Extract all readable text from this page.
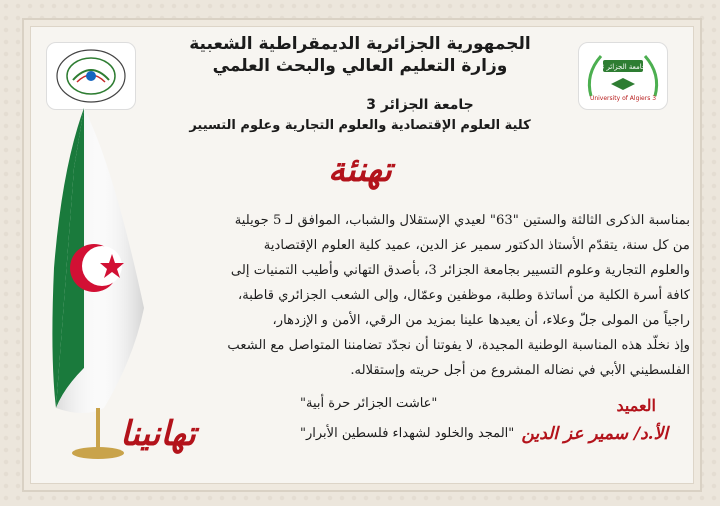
جامعة الجزائر 3
University of Algiers 3
الجمهورية الجزائرية الديمقراطية الشعبية
وزارة التعليم العالي والبحث العلمي
جامعة الجزائر 3
كلية العلوم الإقتصادية والعلوم التجارية وعلوم التسيير
تهنئة

بمناسبة الذكرى الثالثة والستين "63" لعيدي الإستقلال والشباب، الموافق لـ 5 جويلية

من كل سنة، يتقدّم الأستاذ الدكتور سمير عز الدين، عميد كلية العلوم الإقتصادية

والعلوم التجارية وعلوم التسيير بجامعة الجزائر 3، بأصدق التهاني وأطيب التمنيات إلى

كافة أسرة الكلية من أساتذة وطلبة، موظفين وعمّال، وإلى الشعب الجزائري قاطبة،

راجياً من المولى جلّ وعلاء، أن يعيدها علينا بمزيد من الرقي، الأمن و الإزدهار،

وإذ نخلّد هذه المناسبة الوطنية المجيدة، لا يفوتنا أن نجدّد تضامننا المتواصل مع الشعب

الفلسطيني الأبي في نضاله المشروع من أجل حريته وإستقلاله.

"عاشت الجزائر حرة أبية"
"المجد والخلود لشهداء فلسطين الأبرار"
العميد
الأ.د/ سمير عز الدين
تهانينا
